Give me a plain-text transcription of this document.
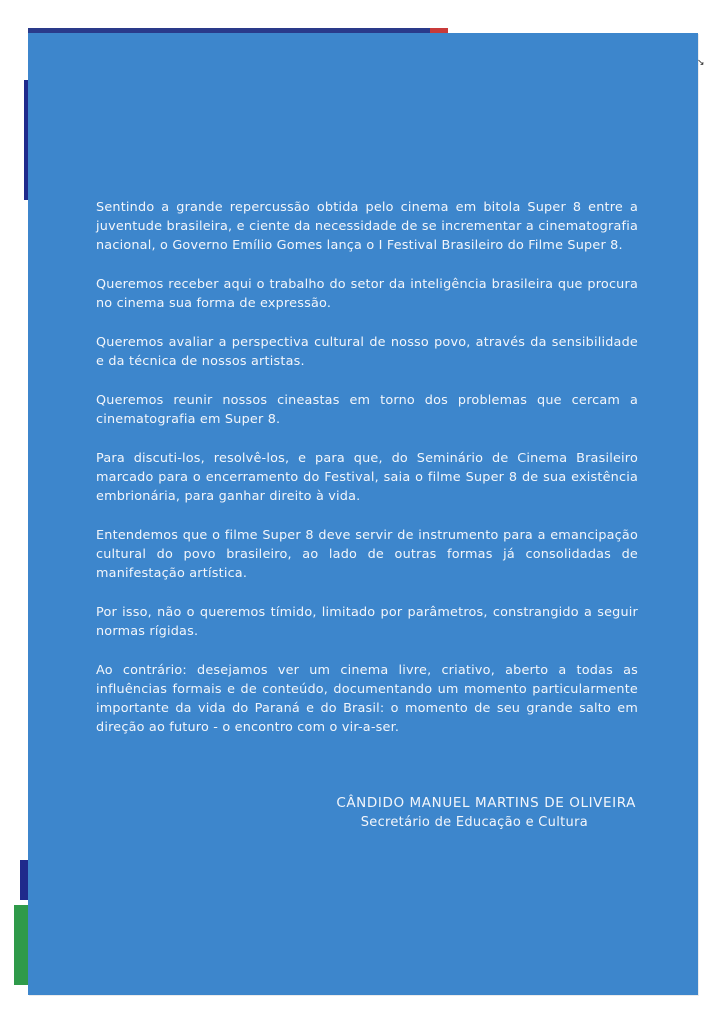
↘

Sentindo a grande repercussão obtida pelo cinema em bitola Super 8 entre a juventude brasileira, e ciente da necessidade de se incrementar a cinematografia nacional, o Governo Emílio Gomes lança o I Festival Brasileiro do Filme Super 8.

Queremos receber aqui o trabalho do setor da inteligência brasileira que procura no cinema sua forma de expressão.

Queremos avaliar a perspectiva cultural de nosso povo, através da sensibilidade e da técnica de nossos artistas.

Queremos reunir nossos cineastas em torno dos problemas que cercam a cinematografia em Super 8.

Para discuti-los, resolvê-los, e para que, do Seminário de Cinema Brasileiro marcado para o encerramento do Festival, saia o filme Super 8 de sua existência embrionária, para ganhar direito à vida.

Entendemos que o filme Super 8 deve servir de instrumento para a emancipação cultural do povo brasileiro, ao lado de outras formas já consolidadas de manifestação artística.

Por isso, não o queremos tímido, limitado por parâmetros, constrangido a seguir normas rígidas.

Ao contrário: desejamos ver um cinema livre, criativo, aberto a todas as influências formais e de conteúdo, documentando um momento particularmente importante da vida do Paraná e do Brasil: o momento de seu grande salto em direção ao futuro - o encontro com o vir-a-ser.

CÂNDIDO MANUEL MARTINS DE OLIVEIRA
Secretário de Educação e Cultura
